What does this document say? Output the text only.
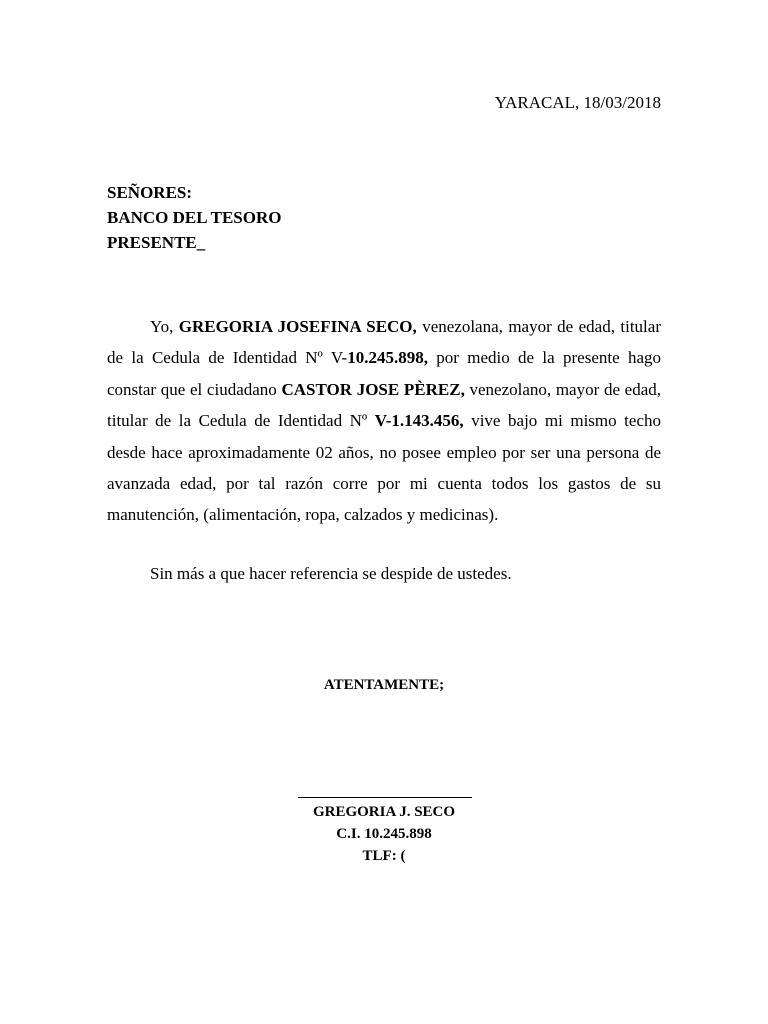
YARACAL, 18/03/2018
SEÑORES:
BANCO DEL TESORO
PRESENTE_

Yo, GREGORIA JOSEFINA SECO, venezolana, mayor de edad, titular de la Cedula de Identidad Nº V-10.245.898, por medio de la presente hago constar que el ciudadano CASTOR JOSE PÈREZ, venezolano, mayor de edad, titular de la Cedula de Identidad Nº V-1.143.456, vive bajo mi mismo techo desde hace aproximadamente 02 años, no posee empleo por ser una persona de avanzada edad, por tal razón corre por mi cuenta todos los gastos de su manutención, (alimentación, ropa, calzados y medicinas).

Sin más a que hacer referencia se despide de ustedes.
ATENTAMENTE;
GREGORIA J. SECO
C.I. 10.245.898
TLF: (
